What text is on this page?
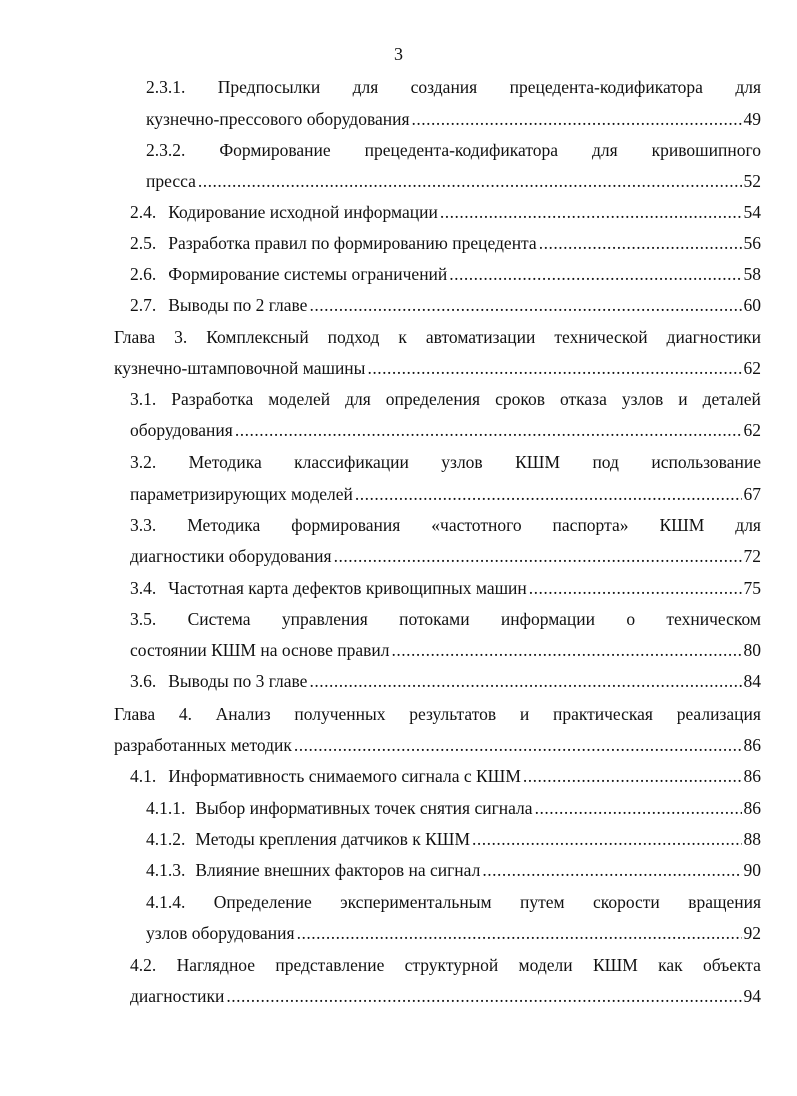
3
2.3.1. Предпосылки для создания прецедента-кодификатора для
кузнечно-прессового оборудования .....	49
2.3.2. Формирование прецедента-кодификатора для кривошипного
пресса .....	52
2.4. Кодирование исходной информации .....	54
2.5. Разработка правил по формированию прецедента .....	56
2.6. Формирование системы ограничений .....	58
2.7. Выводы по 2 главе .....	60
Глава 3. Комплексный подход к автоматизации технической диагностики
кузнечно-штамповочной машины .....	62
3.1. Разработка моделей для определения сроков отказа узлов и деталей
оборудования .....	62
3.2. Методика классификации узлов КШМ под использование
параметризирующих моделей .....	67
3.3. Методика формирования «частотного паспорта» КШМ для
диагностики оборудования .....	72
3.4. Частотная карта дефектов кривощипных машин .....	75
3.5. Система управления потоками информации о техническом
состоянии КШМ на основе правил .....	80
3.6. Выводы по 3 главе .....	84
Глава 4. Анализ полученных результатов и практическая реализация
разработанных методик .....	86
4.1. Информативность снимаемого сигнала с КШМ .....	86
4.1.1. Выбор информативных точек снятия сигнала .....	86
4.1.2. Методы крепления датчиков к КШМ .....	88
4.1.3. Влияние внешних факторов на сигнал .....	90
4.1.4. Определение экспериментальным путем скорости вращения
узлов оборудования .....	92
4.2. Наглядное представление структурной модели КШМ как объекта
диагностики .....	94
